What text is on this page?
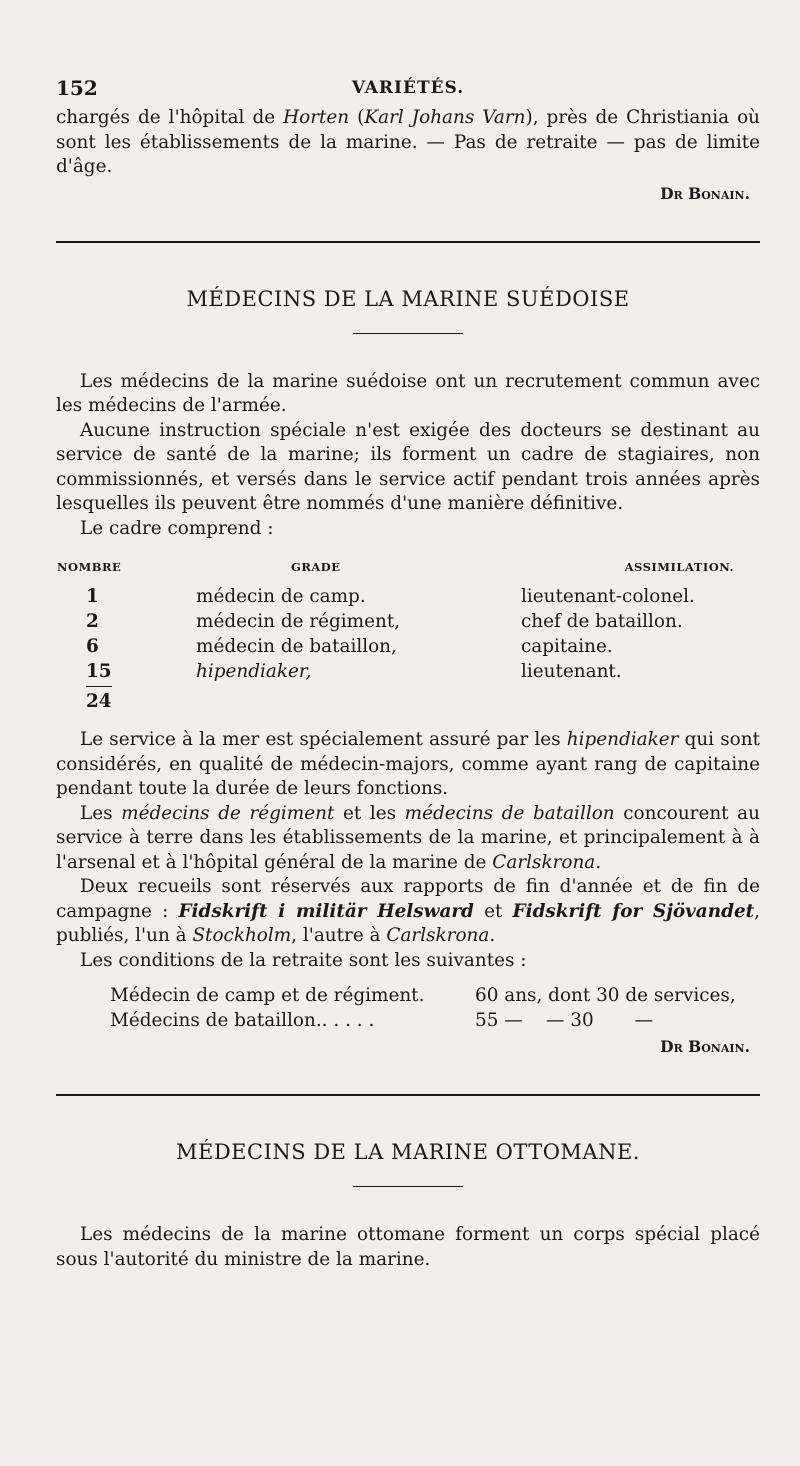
152	VARIÉTÉS.

chargés de l'hôpital de Horten (Karl Johans Varn), près de Christiania où sont les établissements de la marine. — Pas de retraite — pas de limite d'âge.

Dr Bonain.
MÉDECINS DE LA MARINE SUÉDOISE

Les médecins de la marine suédoise ont un recrutement commun avec les médecins de l'armée.

Aucune instruction spéciale n'est exigée des docteurs se destinant au service de santé de la marine; ils forment un cadre de stagiaires, non commissionnés, et versés dans le service actif pendant trois années après lesquelles ils peuvent être nommés d'une manière définitive.

Le cadre comprend :

NOMBRE	GRADE	ASSIMILATION.
1	médecin de camp.	lieutenant-colonel.
2	médecin de régiment,	chef de bataillon.
6	médecin de bataillon,	capitaine.
15	hipendiaker,	lieutenant.
24		

Le service à la mer est spécialement assuré par les hipendiaker qui sont considérés, en qualité de médecin-majors, comme ayant rang de capitaine pendant toute la durée de leurs fonctions.

Les médecins de régiment et les médecins de bataillon concourent au service à terre dans les établissements de la marine, et principalement à à l'arsenal et à l'hôpital général de la marine de Carlskrona.

Deux recueils sont réservés aux rapports de fin d'année et de fin de campagne : Fidskrift i militär Helsward et Fidskrift for Sjövandet, publiés, l'un à Stockholm, l'autre à Carlskrona.

Les conditions de la retraite sont les suivantes :

Médecin de camp et de régiment.	60 ans, dont 30 de services,
Médecins de bataillon.. . . . .	55 —    — 30       —
Dr Bonain.
MÉDECINS DE LA MARINE OTTOMANE.

Les médecins de la marine ottomane forment un corps spécial placé sous l'autorité du ministre de la marine.
